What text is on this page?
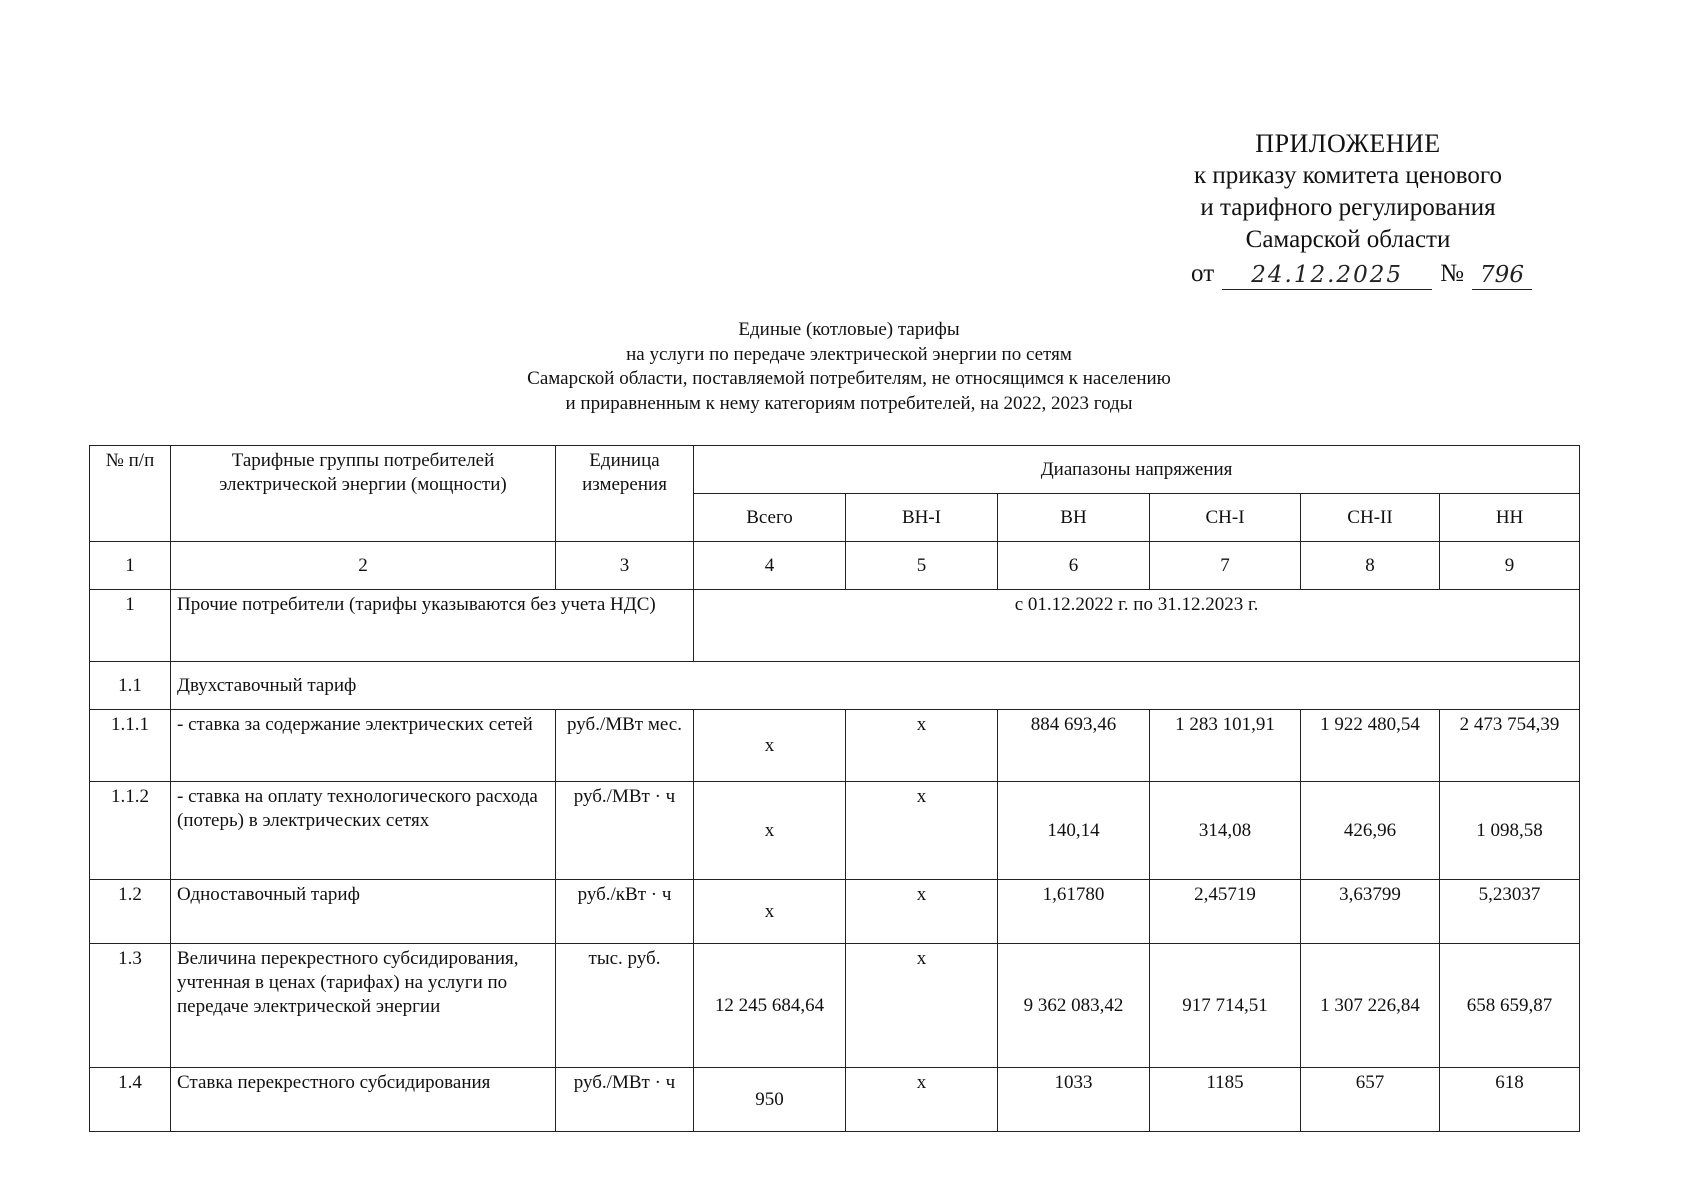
ПРИЛОЖЕНИЕ
к приказу комитета ценового
и тарифного регулирования
Самарской области
от	24.12.2025	№ 796
Единые (котловые) тарифы
на услуги по передаче электрической энергии по сетям
Самарской области, поставляемой потребителям, не относящимся к населению
и приравненным к нему категориям потребителей, на 2022, 2023 годы
№ п/п	Тарифные группы потребителей электрической энергии (мощности)	Единица измерения	Диапазоны напряжения					
			Всего	ВН-I	ВН	СН-I	СН-II	НН
1	2	3	4	5	6	7	8	9
1	Прочие потребители (тарифы указываются без учета НДС)		с 01.12.2022 г. по 31.12.2023 г.					
1.1	Двухставочный тариф							
1.1.1	- ставка за содержание электрических сетей	руб./МВт мес.	х	х	884 693,46	1 283 101,91	1 922 480,54	2 473 754,39
1.1.2	- ставка на оплату технологического расхода (потерь) в электрических сетях	руб./МВт · ч	х	х	140,14	314,08	426,96	1 098,58
1.2	Одноставочный тариф	руб./кВт · ч	х	х	1,61780	2,45719	3,63799	5,23037
1.3	Величина перекрестного субсидирования, учтенная в ценах (тарифах) на услуги по передаче электрической энергии	тыс. руб.	12 245 684,64	х	9 362 083,42	917 714,51	1 307 226,84	658 659,87
1.4	Ставка перекрестного субсидирования	руб./МВт · ч	950	х	1033	1185	657	618
